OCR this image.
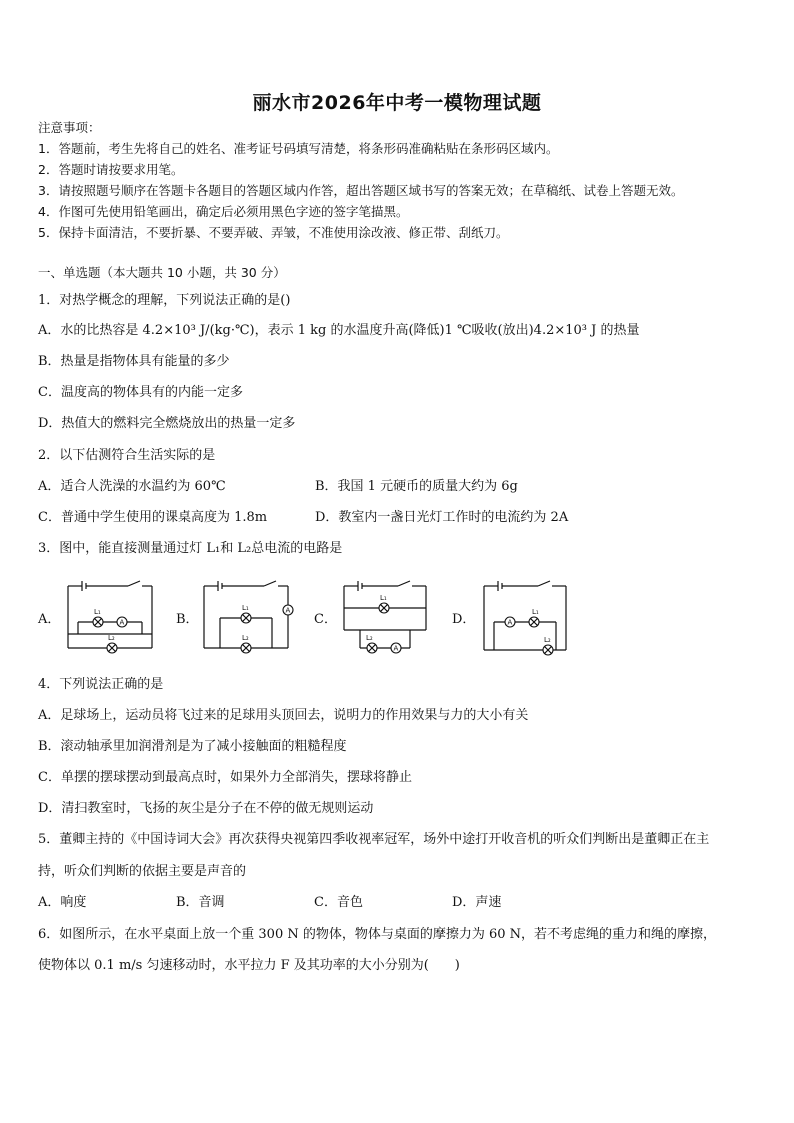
丽水市2026年中考一模物理试题
注意事项：
1．答题前，考生先将自己的姓名、准考证号码填写清楚，将条形码准确粘贴在条形码区域内。
2．答题时请按要求用笔。
3．请按照题号顺序在答题卡各题目的答题区域内作答，超出答题区域书写的答案无效；在草稿纸、试卷上答题无效。
4．作图可先使用铅笔画出，确定后必须用黑色字迹的签字笔描黑。
5．保持卡面清洁，不要折暴、不要弄破、弄皱，不准使用涂改液、修正带、刮纸刀。
一、单选题（本大题共 10 小题，共 30 分）
1．对热学概念的理解，下列说法正确的是()
A．水的比热容是 4.2×10³ J/(kg·℃)，表示 1 kg 的水温度升高(降低)1 ℃吸收(放出)4.2×10³ J 的热量
B．热量是指物体具有能量的多少
C．温度高的物体具有的内能一定多
D．热值大的燃料完全燃烧放出的热量一定多
2．以下估测符合生活实际的是
A．适合人洗澡的水温约为 60℃	B．我国 1 元硬币的质量大约为 6g
C．普通中学生使用的课桌高度为 1.8m	D．教室内一盏日光灯工作时的电流约为 2A
3．图中，能直接测量通过灯 L₁和 L₂总电流的电路是
A．	B．	C．	D．
A
L₁
L₂
A
L₁
L₂
A
L₁
L₂
A
L₁
L₂
4．下列说法正确的是
A．足球场上，运动员将飞过来的足球用头顶回去，说明力的作用效果与力的大小有关
B．滚动轴承里加润滑剂是为了减小接触面的粗糙程度
C．单摆的摆球摆动到最高点时，如果外力全部消失，摆球将静止
D．清扫教室时，飞扬的灰尘是分子在不停的做无规则运动
5．董卿主持的《中国诗词大会》再次获得央视第四季收视率冠军，场外中途打开收音机的听众们判断出是董卿正在主
持，听众们判断的依据主要是声音的
A．响度	B．音调	C．音色	D．声速
6．如图所示，在水平桌面上放一个重 300 N 的物体，物体与桌面的摩擦力为 60 N，若不考虑绳的重力和绳的摩擦，
使物体以 0.1 m/s 匀速移动时，水平拉力 F 及其功率的大小分别为(　　)
